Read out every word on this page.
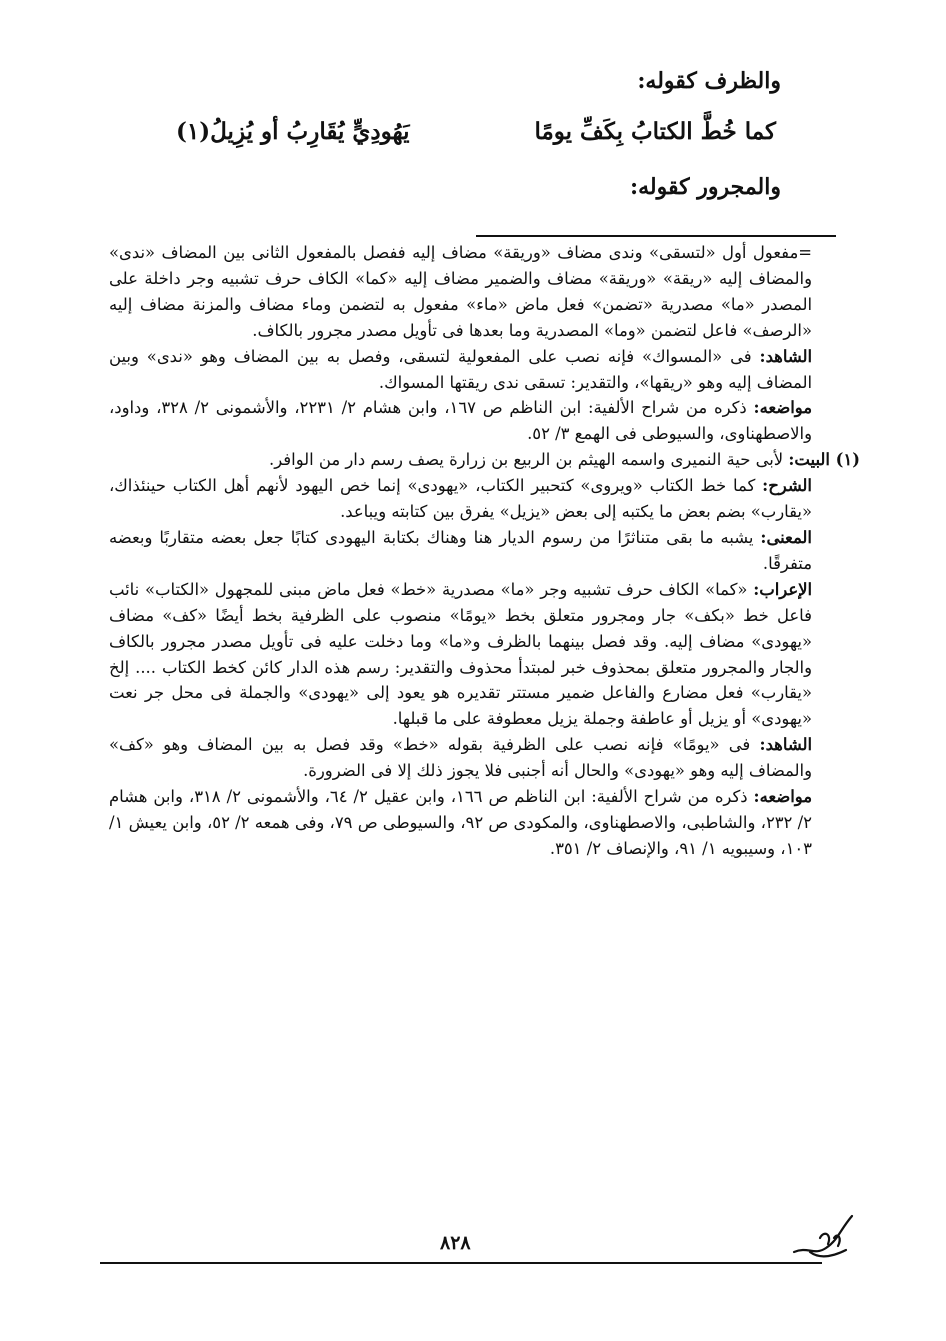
والظرف كقوله:
كما خُطَّ الكتابُ بِكَفِّ يومًا
يَهُودِيٍّ يُقَارِبُ أو يُزِيلُ(١)
والمجرور كقوله:

=مفعول أول «لتسقى» وندى مضاف «وريقة» مضاف إليه ففصل بالمفعول الثانى بين المضاف «ندى» والمضاف إليه «ريقة» «وريقة» مضاف والضمير مضاف إليه «كما» الكاف حرف تشبيه وجر داخلة على المصدر «ما» مصدرية «تضمن» فعل ماض «ماء» مفعول به لتضمن وماء مضاف والمزنة مضاف إليه «الرصف» فاعل لتضمن «وما» المصدرية وما بعدها فى تأويل مصدر مجرور بالكاف.

الشاهد: فى «المسواك» فإنه نصب على المفعولية لتسقى، وفصل به بين المضاف وهو «ندى» وبين المضاف إليه وهو «ريقها»، والتقدير: تسقى ندى ريقتها المسواك.

مواضعه: ذكره من شراح الألفية: ابن الناظم ص ١٦٧، وابن هشام ٢/ ٢٢٣١، والأشمونى ٢/ ٣٢٨، وداود، والاصطهناوى، والسيوطى فى الهمع ٣/ ٥٢.

(١) البيت: لأبى حية النميرى واسمه الهيثم بن الربيع بن زرارة يصف رسم دار من الوافر.

الشرح: كما خط الكتاب «ويروى» كتحبير الكتاب، «يهودى» إنما خص اليهود لأنهم أهل الكتاب حينئذاك، «يقارب» بضم بعض ما يكتبه إلى بعض «يزيل» يفرق بين كتابته ويباعد.

المعنى: يشبه ما بقى متناثرًا من رسوم الديار هنا وهناك بكتابة اليهودى كتابًا جعل بعضه متقاربًا وبعضه متفرقًا.

الإعراب: «كما» الكاف حرف تشبيه وجر «ما» مصدرية «خط» فعل ماض مبنى للمجهول «الكتاب» نائب فاعل خط «بكف» جار ومجرور متعلق بخط «يومًا» منصوب على الظرفية بخط أيضًا «كف» مضاف «يهودى» مضاف إليه. وقد فصل بينهما بالظرف و«ما» وما دخلت عليه فى تأويل مصدر مجرور بالكاف والجار والمجرور متعلق بمحذوف خبر لمبتدأ محذوف والتقدير: رسم هذه الدار كائن كخط الكتاب .... إلخ «يقارب» فعل مضارع والفاعل ضمير مستتر تقديره هو يعود إلى «يهودى» والجملة فى محل جر نعت «يهودى» أو يزيل أو عاطفة وجملة يزيل معطوفة على ما قبلها.

الشاهد: فى «يومًا» فإنه نصب على الظرفية بقوله «خط» وقد فصل به بين المضاف وهو «كف» والمضاف إليه وهو «يهودى» والحال أنه أجنبى فلا يجوز ذلك إلا فى الضرورة.

مواضعه: ذكره من شراح الألفية: ابن الناظم ص ١٦٦، وابن عقيل ٢/ ٦٤، والأشمونى ٢/ ٣١٨، وابن هشام ٢/ ٢٣٢، والشاطبى، والاصطهناوى، والمكودى ص ٩٢، والسيوطى ص ٧٩، وفى همعه ٢/ ٥٢، وابن يعيش ١/ ١٠٣، وسيبويه ١/ ٩١، والإنصاف ٢/ ٣٥١.

٨٢٨
